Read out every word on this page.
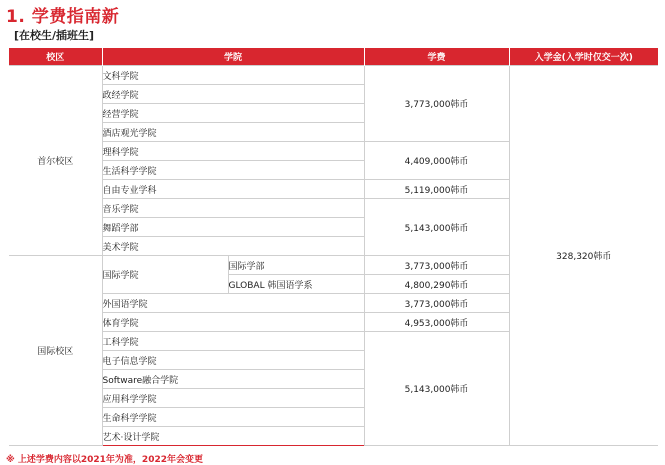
1. 学费指南新
[在校生/插班生]
校区	学院		学费	入学金(入学时仅交一次)
首尔校区	文科学院		3,773,000韩币	328,320韩币
	政经学院			
	经营学院			
	酒店观光学院			
	理科学院		4,409,000韩币	
	生活科学学院			
	自由专业学科		5,119,000韩币	
	音乐学院		5,143,000韩币	
	舞蹈学部			
	美术学院			
国际校区	国际学院	国际学部	3,773,000韩币	
		GLOBAL 韩国语学系	4,800,290韩币	
	外国语学院		3,773,000韩币	
	体育学院		4,953,000韩币	
	工科学院		5,143,000韩币	
	电子信息学院			
	Software融合学院			
	应用科学学院			
	生命科学学院			
	艺术·设计学院			
※ 上述学费内容以2021年为准，2022年会变更
